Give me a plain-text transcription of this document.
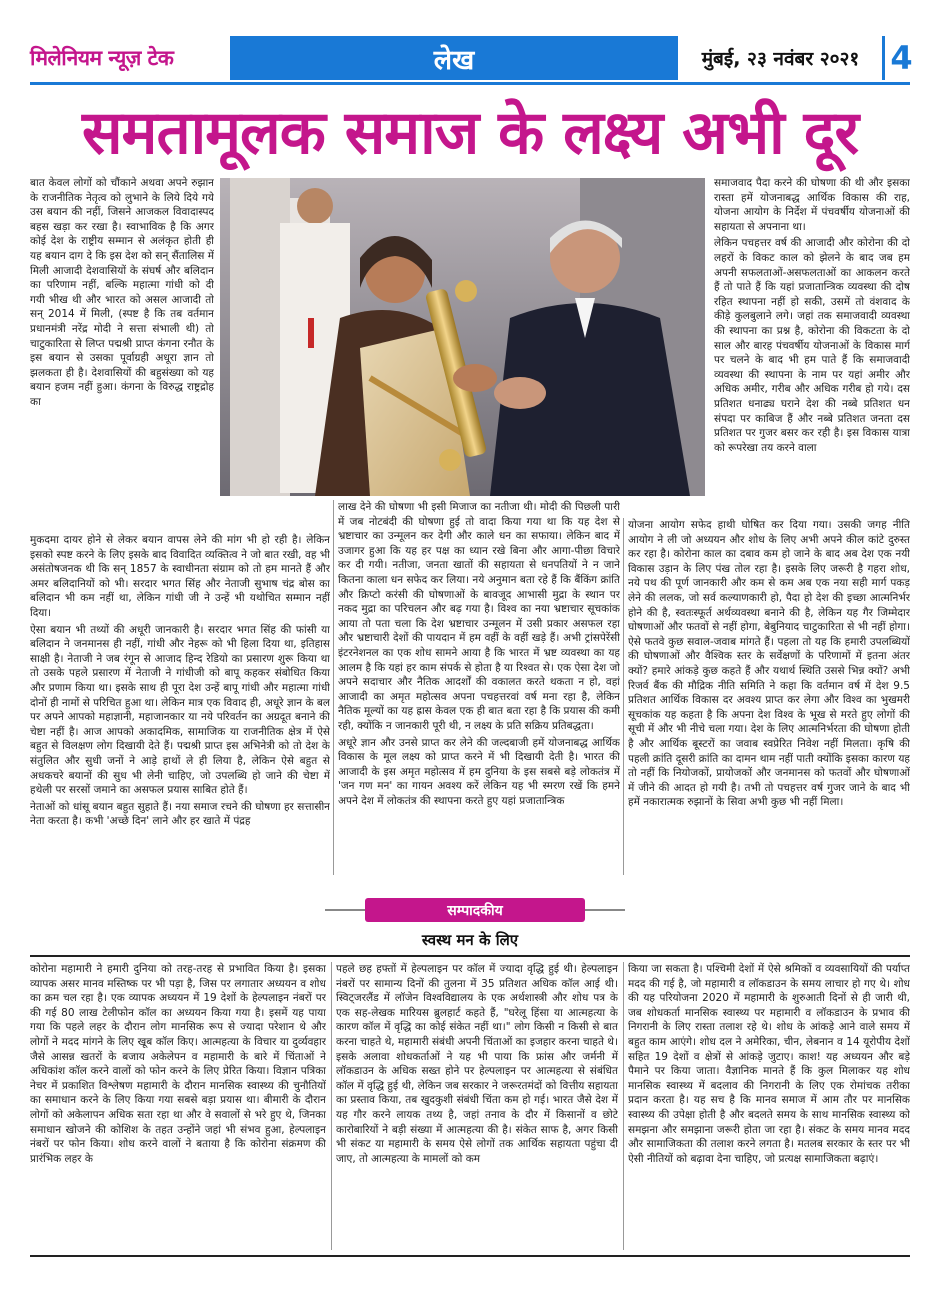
मिलेनियम न्यूज़ टेक	लेख	मुंबई, २३ नवंबर २०२१ 4
समतामूलक समाज के लक्ष्य अभी दूर

बात केवल लोगों को चौंकाने अथवा अपने रुझान के राजनीतिक नेतृत्व को लुभाने के लिये दिये गये उस बयान की नहीं, जिसने आजकल विवादास्पद बहस खड़ा कर रखा है। स्वाभाविक है कि अगर कोई देश के राष्ट्रीय सम्मान से अलंकृत होती ही यह बयान दाग दे कि इस देश को सन् सैंतालिस में मिली आजादी देशवासियों के संघर्ष और बलिदान का परिणाम नहीं, बल्कि महात्मा गांधी को दी गयी भीख थी और भारत को असल आजादी तो सन् 2014 में मिली, (स्पष्ट है कि तब वर्तमान प्रधानमंत्री नरेंद्र मोदी ने सत्ता संभाली थी) तो चाटुकारिता से लिप्त पद्मश्री प्राप्त कंगना रनौत के इस बयान से उसका पूर्वाग्रही अधूरा ज्ञान तो झलकता ही है। देशवासियों की बहुसंख्या को यह बयान हजम नहीं हुआ। कंगना के विरुद्ध राष्ट्रद्रोह का

समाजवाद पैदा करने की घोषणा की थी और इसका रास्ता हमें योजनाबद्ध आर्थिक विकास की राह, योजना आयोग के निर्देश में पंचवर्षीय योजनाओं की सहायता से अपनाना था।

लेकिन पचहत्तर वर्ष की आजादी और कोरोना की दो लहरों के विकट काल को झेलने के बाद जब हम अपनी सफलताओं-असफलताओं का आकलन करते हैं तो पाते हैं कि यहां प्रजातान्त्रिक व्यवस्था की दोष रहित स्थापना नहीं हो सकी, उसमें तो वंशवाद के कीड़े कुलबुलाने लगे। जहां तक समाजवादी व्यवस्था की स्थापना का प्रश्न है, कोरोना की विकटता के दो साल और बारह पंचवर्षीय योजनाओं के विकास मार्ग पर चलने के बाद भी हम पाते हैं कि समाजवादी व्यवस्था की स्थापना के नाम पर यहां अमीर और अधिक अमीर, गरीब और अधिक गरीब हो गये। दस प्रतिशत धनाढ्य घराने देश की नब्बे प्रतिशत धन संपदा पर काबिज हैं और नब्बे प्रतिशत जनता दस प्रतिशत पर गुजर बसर कर रही है। इस विकास यात्रा को रूपरेखा तय करने वाला

मुकदमा दायर होने से लेकर बयान वापस लेने की मांग भी हो रही है। लेकिन इसको स्पष्ट करने के लिए इसके बाद विवादित व्यक्तित्व ने जो बात रखी, वह भी असंतोषजनक थी कि सन् 1857 के स्वाधीनता संग्राम को तो हम मानते हैं और अमर बलिदानियों को भी। सरदार भगत सिंह और नेताजी सुभाष चंद्र बोस का बलिदान भी कम नहीं था, लेकिन गांधी जी ने उन्हें भी यथोचित सम्मान नहीं दिया।

ऐसा बयान भी तथ्यों की अधूरी जानकारी है। सरदार भगत सिंह की फांसी या बलिदान ने जनमानस ही नहीं, गांधी और नेहरू को भी हिला दिया था, इतिहास साक्षी है। नेताजी ने जब रंगून से आजाद हिन्द रेडियो का प्रसारण शुरू किया था तो उसके पहले प्रसारण में नेताजी ने गांधीजी को बापू कहकर संबोधित किया और प्रणाम किया था। इसके साथ ही पूरा देश उन्हें बापू गांधी और महात्मा गांधी दोनों ही नामों से परिचित हुआ था। लेकिन मात्र एक विवाद ही, अधूरे ज्ञान के बल पर अपने आपको महाज्ञानी, महाजानकार या नये परिवर्तन का अग्रदूत बनाने की चेष्टा नहीं है। आज आपको अकादमिक, सामाजिक या राजनीतिक क्षेत्र में ऐसे बहुत से विलक्षण लोग दिखायी देते हैं। पद्मश्री प्राप्त इस अभिनेत्री को तो देश के संतुलित और सुधी जनों ने आड़े हाथों ले ही लिया है, लेकिन ऐसे बहुत से अधकचरे बयानों की सुध भी लेनी चाहिए, जो उपलब्धि हो जाने की चेष्टा में हथेली पर सरसों जमाने का असफल प्रयास साबित होते हैं।

नेताओं को धांसू बयान बहुत सुहाते हैं। नया समाज रचने की घोषणा हर सत्तासीन नेता करता है। कभी 'अच्छे दिन' लाने और हर खाते में पंद्रह

लाख देने की घोषणा भी इसी मिजाज का नतीजा थी। मोदी की पिछली पारी में जब नोटबंदी की घोषणा हुई तो वादा किया गया था कि यह देश से भ्रष्टाचार का उन्मूलन कर देगी और काले धन का सफाया। लेकिन बाद में उजागर हुआ कि यह हर पक्ष का ध्यान रखे बिना और आगा-पीछा विचारे कर दी गयी। नतीजा, जनता खातों की सहायता से धनपतियों ने न जाने कितना काला धन सफेद कर लिया। नये अनुमान बता रहे हैं कि बैंकिंग क्रांति और क्रिप्टो करंसी की घोषणाओं के बावजूद आभासी मुद्रा के स्थान पर नकद मुद्रा का परिचलन और बढ़ गया है। विश्व का नया भ्रष्टाचार सूचकांक आया तो पता चला कि देश भ्रष्टाचार उन्मूलन में उसी प्रकार असफल रहा और भ्रष्टाचारी देशों की पायदान में हम वहीं के वहीं खड़े हैं। अभी ट्रांसपेरेंसी इंटरनेशनल का एक शोध सामने आया है कि भारत में भ्रष्ट व्यवस्था का यह आलम है कि यहां हर काम संपर्क से होता है या रिश्वत से। एक ऐसा देश जो अपने सदाचार और नैतिक आदर्शों की वकालत करते थकता न हो, वहां आजादी का अमृत महोत्सव अपना पचहत्तरवां वर्ष मना रहा है, लेकिन नैतिक मूल्यों का यह ह्रास केवल एक ही बात बता रहा है कि प्रयास की कमी रही, क्योंकि न जानकारी पूरी थी, न लक्ष्य के प्रति सक्रिय प्रतिबद्धता।

अधूरे ज्ञान और उनसे प्राप्त कर लेने की जल्दबाजी हमें योजनाबद्ध आर्थिक विकास के मूल लक्ष्य को प्राप्त करने में भी दिखायी देती है। भारत की आजादी के इस अमृत महोत्सव में हम दुनिया के इस सबसे बड़े लोकतंत्र में 'जन गण मन' का गायन अवश्य करें लेकिन यह भी स्मरण रखें कि हमने अपने देश में लोकतंत्र की स्थापना करते हुए यहां प्रजातान्त्रिक

योजना आयोग सफेद हाथी घोषित कर दिया गया। उसकी जगह नीति आयोग ने ली जो अध्ययन और शोध के लिए अभी अपने कील कांटे दुरुस्त कर रहा है। कोरोना काल का दबाव कम हो जाने के बाद अब देश एक नयी विकास उड़ान के लिए पंख तोल रहा है। इसके लिए जरूरी है गहरा शोध, नये पथ की पूर्ण जानकारी और कम से कम अब एक नया सही मार्ग पकड़ लेने की ललक, जो सर्व कल्याणकारी हो, पैदा हो देश की इच्छा आत्मनिर्भर होने की है, स्वतःस्फूर्त अर्थव्यवस्था बनाने की है, लेकिन यह गैर जिम्मेदार घोषणाओं और फतवों से नहीं होगा, बेबुनियाद चाटुकारिता से भी नहीं होगा। ऐसे फतवे कुछ सवाल-जवाब मांगते हैं। पहला तो यह कि हमारी उपलब्धियों की घोषणाओं और वैश्विक स्तर के सर्वेक्षणों के परिणामों में इतना अंतर क्यों? हमारे आंकड़े कुछ कहते हैं और यथार्थ स्थिति उससे भिन्न क्यों? अभी रिजर्व बैंक की मौद्रिक नीति समिति ने कहा कि वर्तमान वर्ष में देश 9.5 प्रतिशत आर्थिक विकास दर अवश्य प्राप्त कर लेगा और विश्व का भुखमरी सूचकांक यह कहता है कि अपना देश विश्व के भूख से मरते हुए लोगों की सूची में और भी नीचे चला गया। देश के लिए आत्मनिर्भरता की घोषणा होती है और आर्थिक बूस्टरों का जवाब स्वप्रेरित निवेश नहीं मिलता। कृषि की पहली क्रांति दूसरी क्रांति का दामन थाम नहीं पाती क्योंकि इसका कारण यह तो नहीं कि नियोजकों, प्रायोजकों और जनमानस को फतवों और घोषणाओं में जीने की आदत हो गयी है। तभी तो पचहत्तर वर्ष गुजर जाने के बाद भी हमें नकारात्मक रुझानों के सिवा अभी कुछ भी नहीं मिला।

सम्पादकीय
स्वस्थ मन के लिए

कोरोना महामारी ने हमारी दुनिया को तरह-तरह से प्रभावित किया है। इसका व्यापक असर मानव मस्तिष्क पर भी पड़ा है, जिस पर लगातार अध्ययन व शोध का क्रम चल रहा है। एक व्यापक अध्ययन में 19 देशों के हेल्पलाइन नंबरों पर की गई 80 लाख टेलीफोन कॉल का अध्ययन किया गया है। इसमें यह पाया गया कि पहले लहर के दौरान लोग मानसिक रूप से ज्यादा परेशान थे और लोगों ने मदद मांगने के लिए खूब कॉल किए। आत्महत्या के विचार या दुर्व्यवहार जैसे आसन्न खतरों के बजाय अकेलेपन व महामारी के बारे में चिंताओं ने अधिकांश कॉल करने वालों को फोन करने के लिए प्रेरित किया। विज्ञान पत्रिका नेचर में प्रकाशित विश्लेषण महामारी के दौरान मानसिक स्वास्थ्य की चुनौतियों का समाधान करने के लिए किया गया सबसे बड़ा प्रयास था। बीमारी के दौरान लोगों को अकेलापन अधिक सता रहा था और वे सवालों से भरे हुए थे, जिनका समाधान खोजने की कोशिश के तहत उन्होंने जहां भी संभव हुआ, हेल्पलाइन नंबरों पर फोन किया। शोध करने वालों ने बताया है कि कोरोना संक्रमण की प्रारंभिक लहर के

पहले छह हफ्तों में हेल्पलाइन पर कॉल में ज्यादा वृद्धि हुई थी। हेल्पलाइन नंबरों पर सामान्य दिनों की तुलना में 35 प्रतिशत अधिक कॉल आई थी। स्विट्जरलैंड में लॉजेन विश्वविद्यालय के एक अर्थशास्त्री और शोध पत्र के एक सह-लेखक मारियस ब्रुलहार्ट कहते हैं, "घरेलू हिंसा या आत्महत्या के कारण कॉल में वृद्धि का कोई संकेत नहीं था।" लोग किसी न किसी से बात करना चाहते थे, महामारी संबंधी अपनी चिंताओं का इजहार करना चाहते थे। इसके अलावा शोधकर्ताओं ने यह भी पाया कि फ्रांस और जर्मनी में लॉकडाउन के अधिक सख्त होने पर हेल्पलाइन पर आत्महत्या से संबंधित कॉल में वृद्धि हुई थी, लेकिन जब सरकार ने जरूरतमंदों को वित्तीय सहायता का प्रस्ताव किया, तब खुदकुशी संबंधी चिंता कम हो गई। भारत जैसे देश में यह गौर करने लायक तथ्य है, जहां तनाव के दौर में किसानों व छोटे कारोबारियों ने बड़ी संख्या में आत्महत्या की है। संकेत साफ है, अगर किसी भी संकट या महामारी के समय ऐसे लोगों तक आर्थिक सहायता पहुंचा दी जाए, तो आत्महत्या के मामलों को कम

किया जा सकता है। पश्चिमी देशों में ऐसे श्रमिकों व व्यवसायियों की पर्याप्त मदद की गई है, जो महामारी व लॉकडाउन के समय लाचार हो गए थे। शोध की यह परियोजना 2020 में महामारी के शुरुआती दिनों से ही जारी थी, जब शोधकर्ता मानसिक स्वास्थ्य पर महामारी व लॉकडाउन के प्रभाव की निगरानी के लिए रास्ता तलाश रहे थे। शोध के आंकड़े आने वाले समय में बहुत काम आएंगे। शोध दल ने अमेरिका, चीन, लेबनान व 14 यूरोपीय देशों सहित 19 देशों व क्षेत्रों से आंकड़े जुटाए। काश! यह अध्ययन और बड़े पैमाने पर किया जाता। वैज्ञानिक मानते हैं कि कुल मिलाकर यह शोध मानसिक स्वास्थ्य में बदलाव की निगरानी के लिए एक रोमांचक तरीका प्रदान करता है। यह सच है कि मानव समाज में आम तौर पर मानसिक स्वास्थ्य की उपेक्षा होती है और बदलते समय के साथ मानसिक स्वास्थ्य को समझना और समझाना जरूरी होता जा रहा है। संकट के समय मानव मदद और सामाजिकता की तलाश करने लगता है। मतलब सरकार के स्तर पर भी ऐसी नीतियों को बढ़ावा देना चाहिए, जो प्रत्यक्ष सामाजिकता बढ़ाएं।
